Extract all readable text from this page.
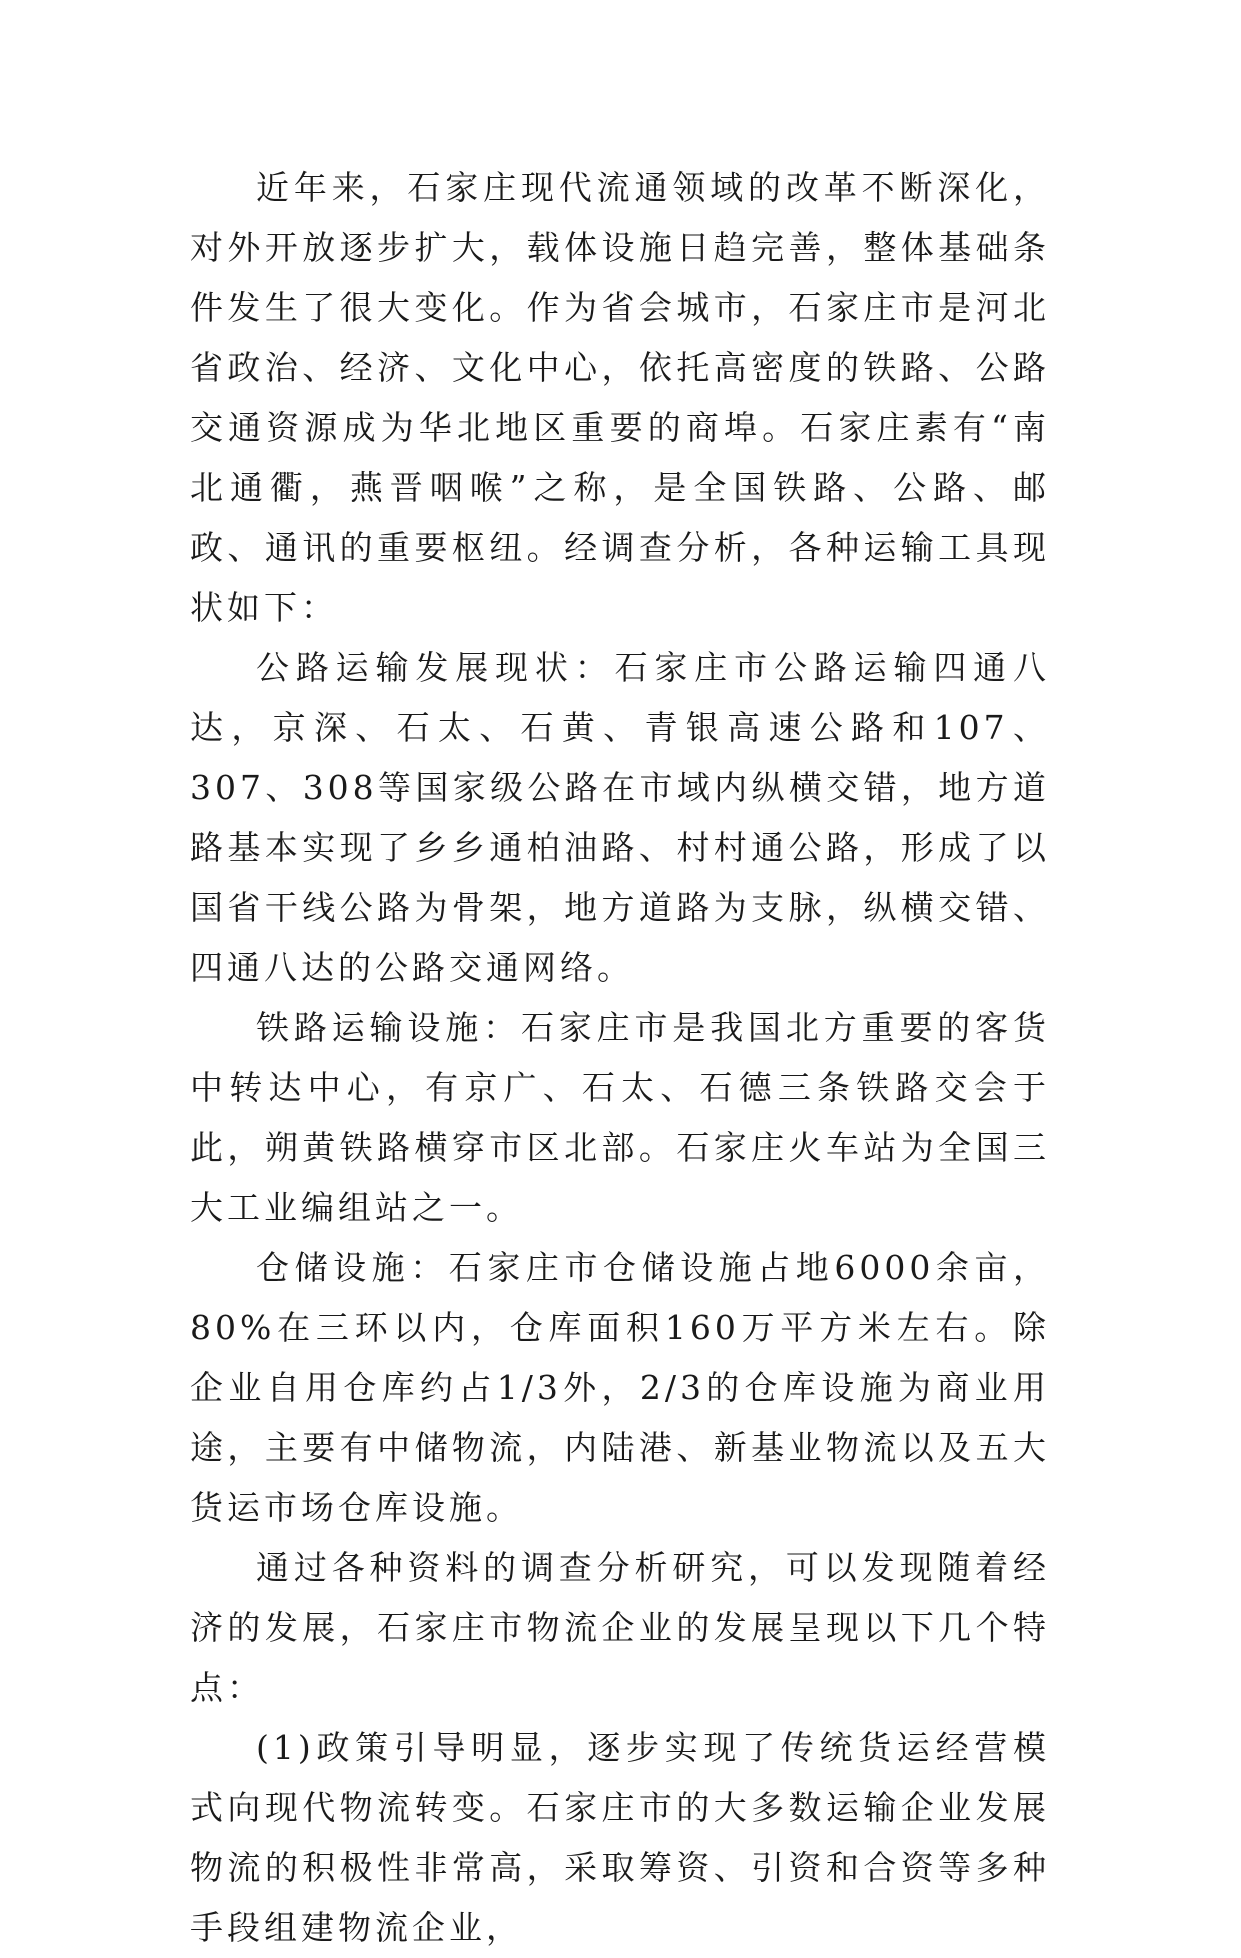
近年来，石家庄现代流通领域的改革不断深化，对外开放逐步扩大，载体设施日趋完善，整体基础条件发生了很大变化。作为省会城市，石家庄市是河北省政治、经济、文化中心，依托高密度的铁路、公路交通资源成为华北地区重要的商埠。石家庄素有“南北通衢，燕晋咽喉”之称，是全国铁路、公路、邮政、通讯的重要枢纽。经调查分析，各种运输工具现状如下：

公路运输发展现状：石家庄市公路运输四通八达，京深、石太、石黄、青银高速公路和107、307、308等国家级公路在市域内纵横交错，地方道路基本实现了乡乡通柏油路、村村通公路，形成了以国省干线公路为骨架，地方道路为支脉，纵横交错、四通八达的公路交通网络。

铁路运输设施：石家庄市是我国北方重要的客货中转达中心，有京广、石太、石德三条铁路交会于此，朔黄铁路横穿市区北部。石家庄火车站为全国三大工业编组站之一。

仓储设施：石家庄市仓储设施占地6000余亩，80%在三环以内，仓库面积160万平方米左右。除企业自用仓库约占1/3外，2/3的仓库设施为商业用途，主要有中储物流，内陆港、新基业物流以及五大货运市场仓库设施。

通过各种资料的调查分析研究，可以发现随着经济的发展，石家庄市物流企业的发展呈现以下几个特点：

(1)政策引导明显，逐步实现了传统货运经营模式向现代物流转变。石家庄市的大多数运输企业发展物流的积极性非常高，采取筹资、引资和合资等多种手段组建物流企业，
